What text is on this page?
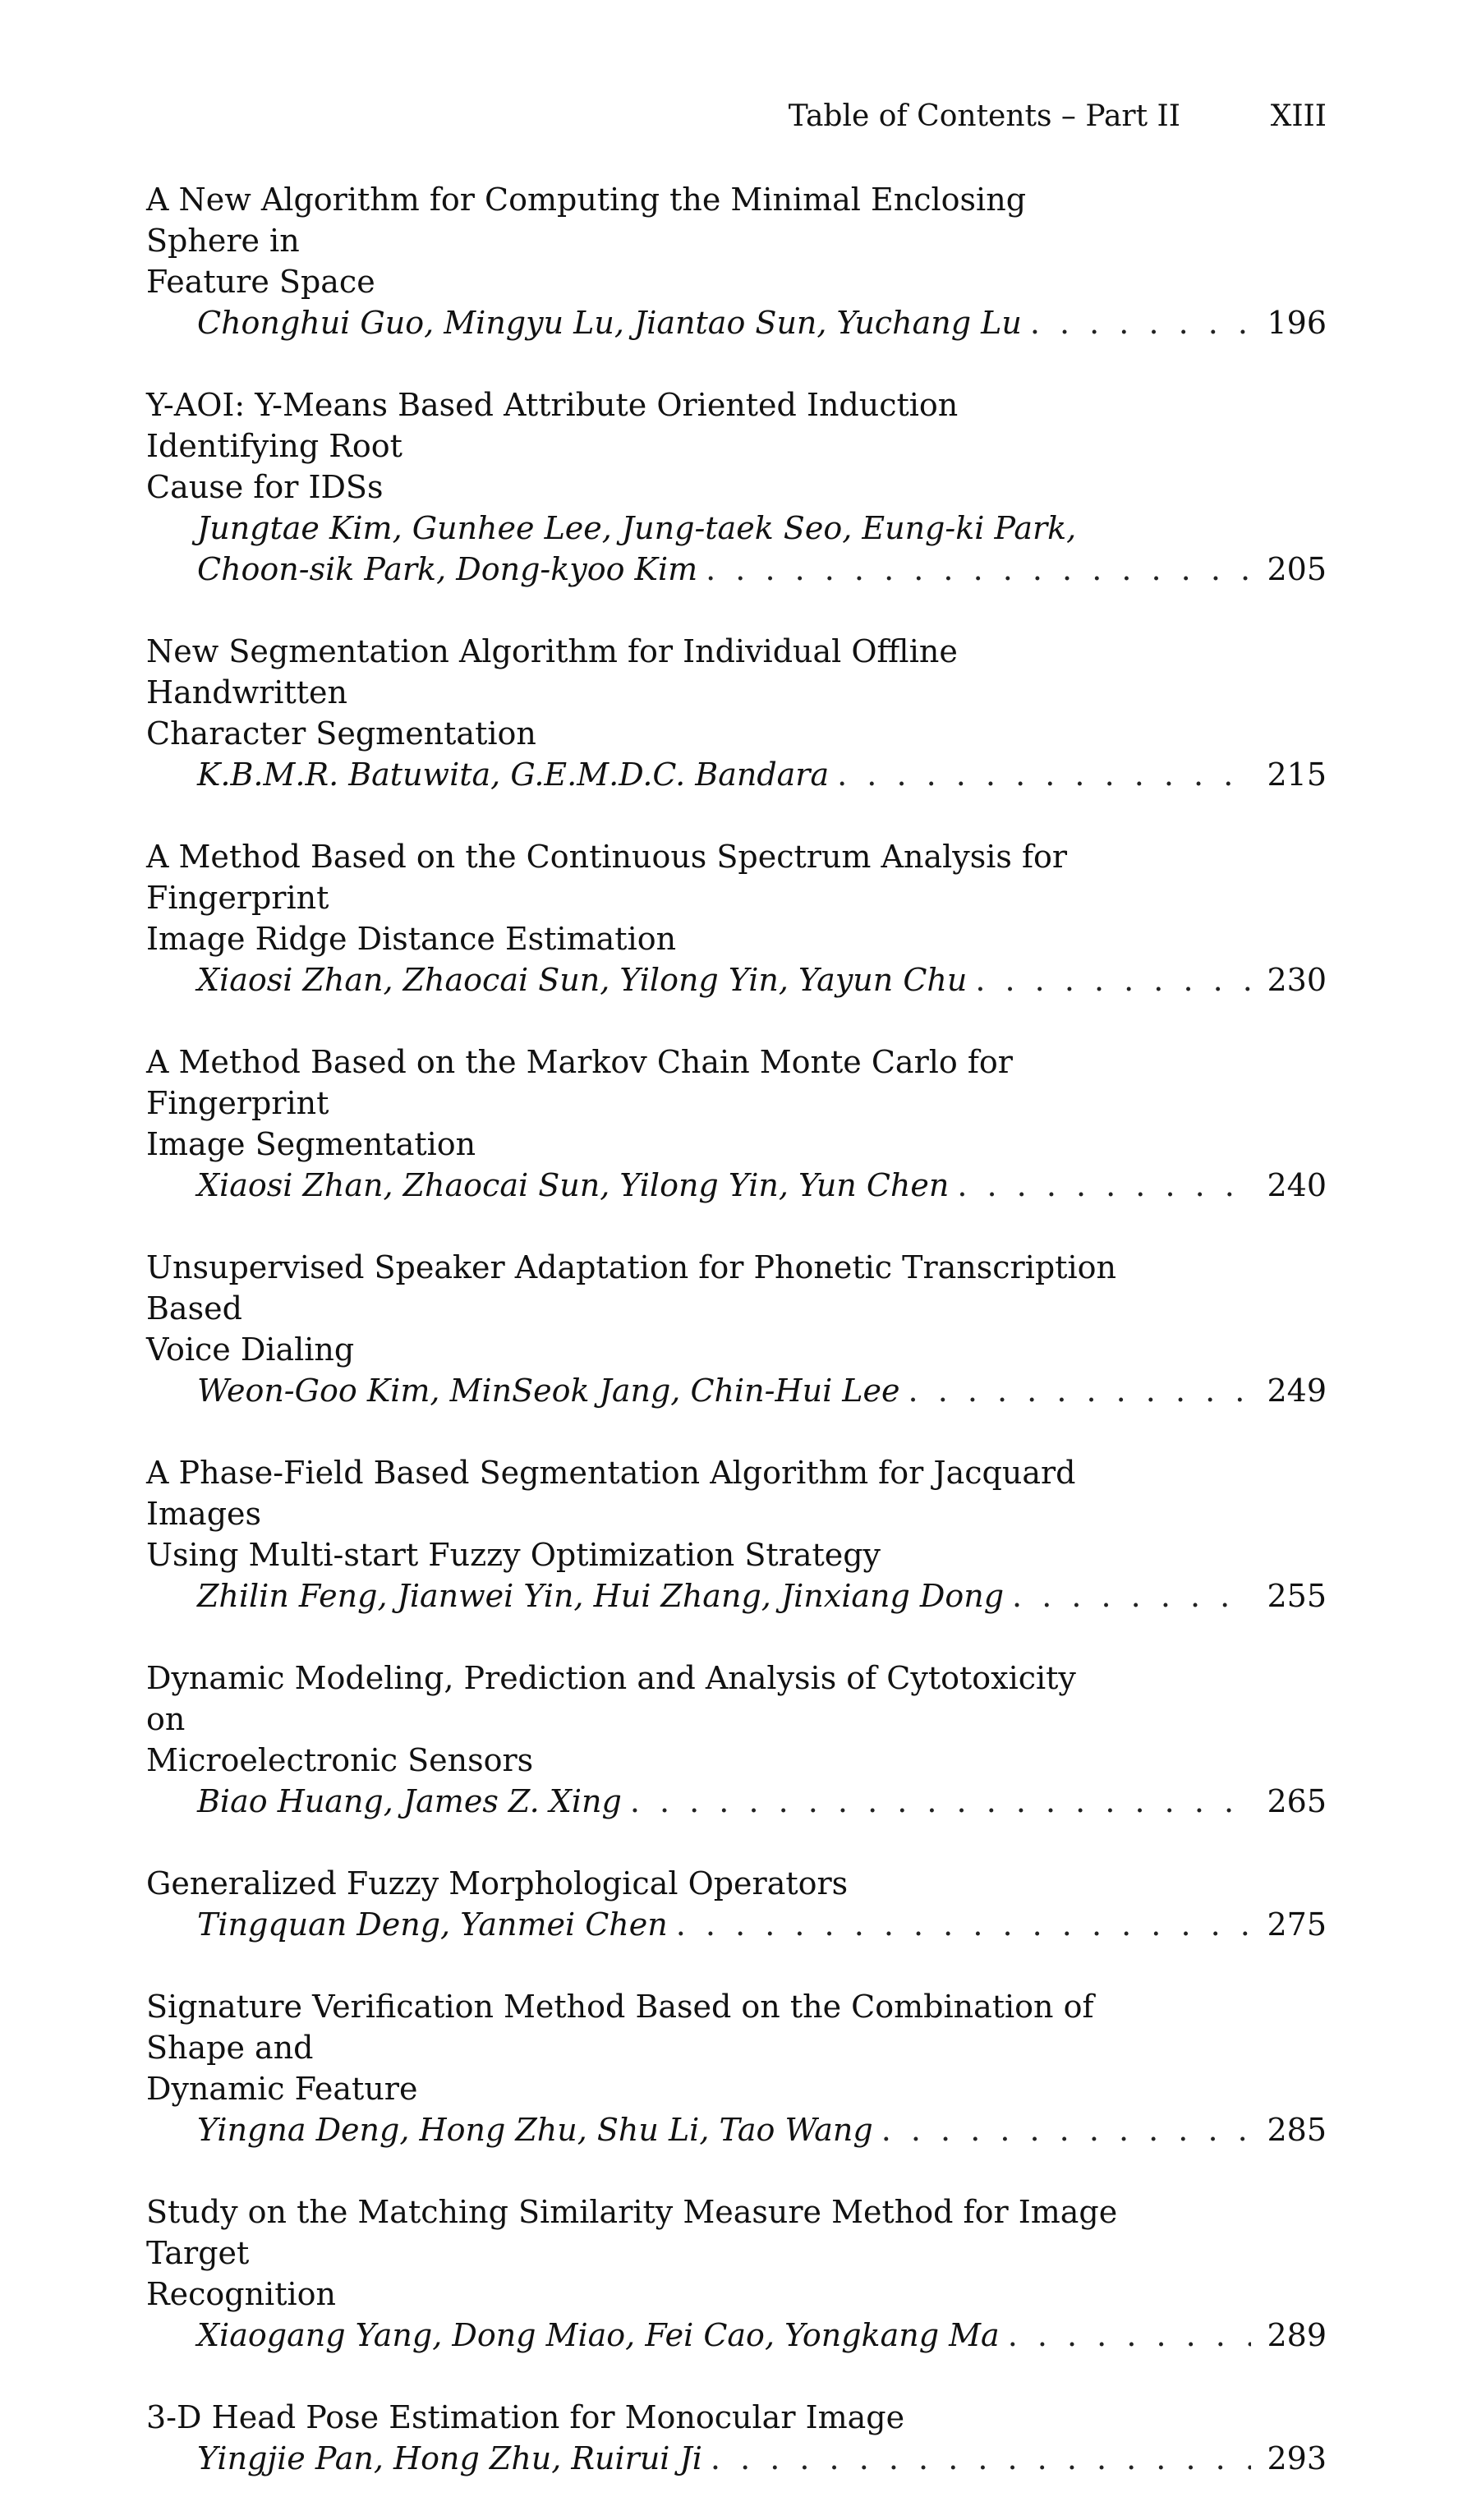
Table of Contents – Part II	XIII
A New Algorithm for Computing the Minimal Enclosing Sphere in
Feature Space
Chonghui Guo, Mingyu Lu, Jiantao Sun, Yuchang Lu . . .	196
Y-AOI: Y-Means Based Attribute Oriented Induction Identifying Root
Cause for IDSs
Jungtae Kim, Gunhee Lee, Jung-taek Seo, Eung-ki Park,
Choon-sik Park, Dong-kyoo Kim . . .	205
New Segmentation Algorithm for Individual Offline Handwritten
Character Segmentation
K.B.M.R. Batuwita, G.E.M.D.C. Bandara . . .	215
A Method Based on the Continuous Spectrum Analysis for Fingerprint
Image Ridge Distance Estimation
Xiaosi Zhan, Zhaocai Sun, Yilong Yin, Yayun Chu . . .	230
A Method Based on the Markov Chain Monte Carlo for Fingerprint
Image Segmentation
Xiaosi Zhan, Zhaocai Sun, Yilong Yin, Yun Chen . . .	240
Unsupervised Speaker Adaptation for Phonetic Transcription Based
Voice Dialing
Weon-Goo Kim, MinSeok Jang, Chin-Hui Lee . . .	249
A Phase-Field Based Segmentation Algorithm for Jacquard Images
Using Multi-start Fuzzy Optimization Strategy
Zhilin Feng, Jianwei Yin, Hui Zhang, Jinxiang Dong . . .	255
Dynamic Modeling, Prediction and Analysis of Cytotoxicity on
Microelectronic Sensors
Biao Huang, James Z. Xing . . .	265
Generalized Fuzzy Morphological Operators
Tingquan Deng, Yanmei Chen . . .	275
Signature Verification Method Based on the Combination of Shape and
Dynamic Feature
Yingna Deng, Hong Zhu, Shu Li, Tao Wang . . .	285
Study on the Matching Similarity Measure Method for Image Target
Recognition
Xiaogang Yang, Dong Miao, Fei Cao, Yongkang Ma . . .	289
3-D Head Pose Estimation for Monocular Image
Yingjie Pan, Hong Zhu, Ruirui Ji . . .	293
